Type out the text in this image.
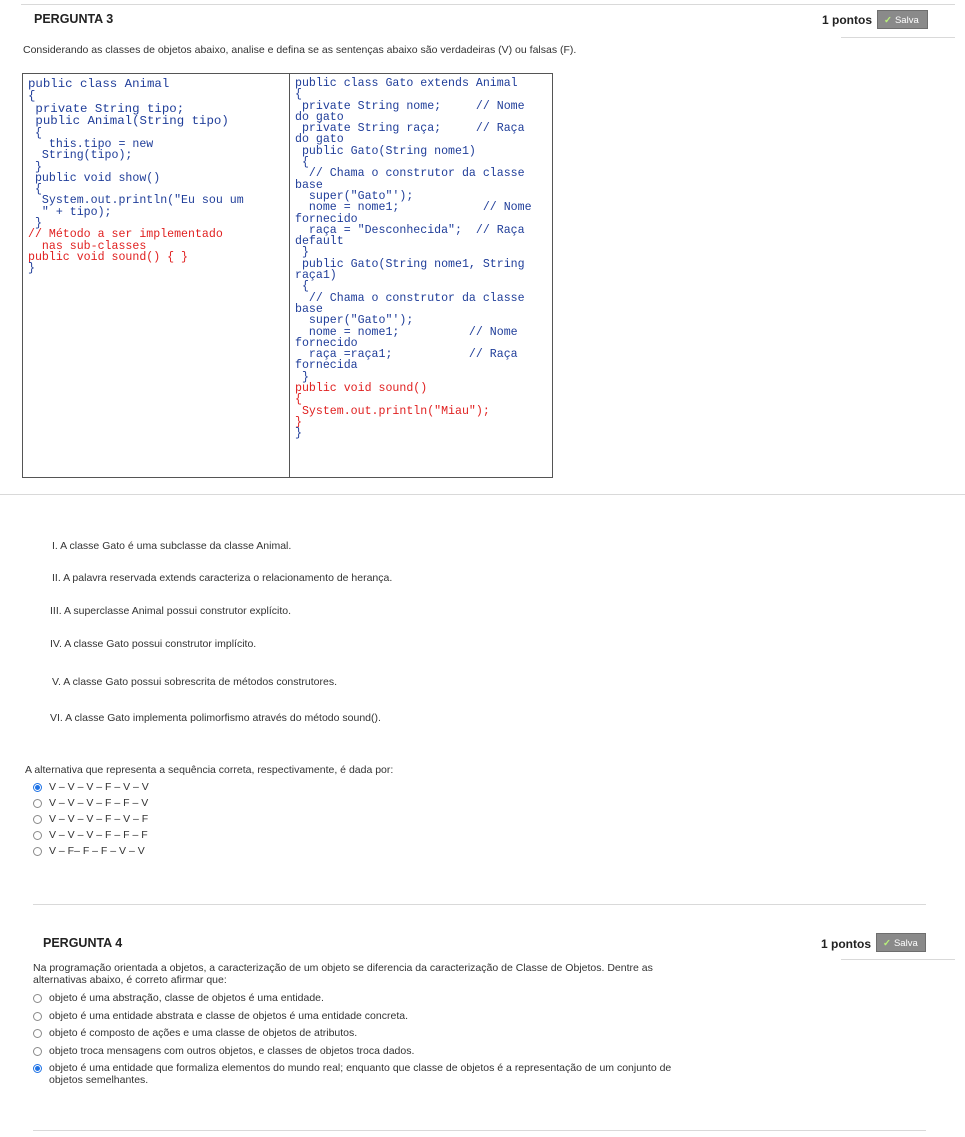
PERGUNTA 3	1 pontos	✓ Salva
Considerando as classes de objetos abaixo, analise e defina se as sentenças abaixo são verdadeiras (V) ou falsas (F).
public class Animal
{
private String tipo;
public Animal(String tipo)
{
this.tipo = new
String(tipo);
}
public void show()
{
System.out.println("Eu sou um
" + tipo);
}
// Método a ser implementado
nas sub-classes
public void sound() { }
}
public class Gato extends Animal
{
private String nome;     // Nome
do gato
private String raça;     // Raça
do gato
public Gato(String nome1)
{
// Chama o construtor da classe
base
super("Gato"');
nome = nome1;            // Nome
fornecido
raça = "Desconhecida";  // Raça
default
}
public Gato(String nome1, String
raça1)
{
// Chama o construtor da classe
base
super("Gato"');
nome = nome1;          // Nome
fornecido
raça =raça1;           // Raça
fornecida
}
public void sound()
{
System.out.println("Miau");
}
}
I. A classe Gato é uma subclasse da classe Animal.
II. A palavra reservada extends caracteriza o relacionamento de herança.
III. A superclasse Animal possui construtor explícito.
IV. A classe Gato possui construtor implícito.
V. A classe Gato possui sobrescrita de métodos construtores.
VI. A classe Gato implementa polimorfismo através do método sound().
A alternativa que representa a sequência correta, respectivamente, é dada por:
V – V – V – F – V – V
V – V – V – F – F – V
V – V – V – F – V – F
V – V – V – F – F – F
V – F– F – F – V – V
PERGUNTA 4	1 pontos	✓ Salva
Na programação orientada a objetos, a caracterização de um objeto se diferencia da caracterização de Classe de Objetos. Dentre as
alternativas abaixo, é correto afirmar que:
objeto é uma abstração, classe de objetos é uma entidade.
objeto é uma entidade abstrata e classe de objetos é uma entidade concreta.
objeto é composto de ações e uma classe de objetos de atributos.
objeto troca mensagens com outros objetos, e classes de objetos troca dados.
objeto é uma entidade que formaliza elementos do mundo real; enquanto que classe de objetos é a representação de um conjunto de
objetos semelhantes.
